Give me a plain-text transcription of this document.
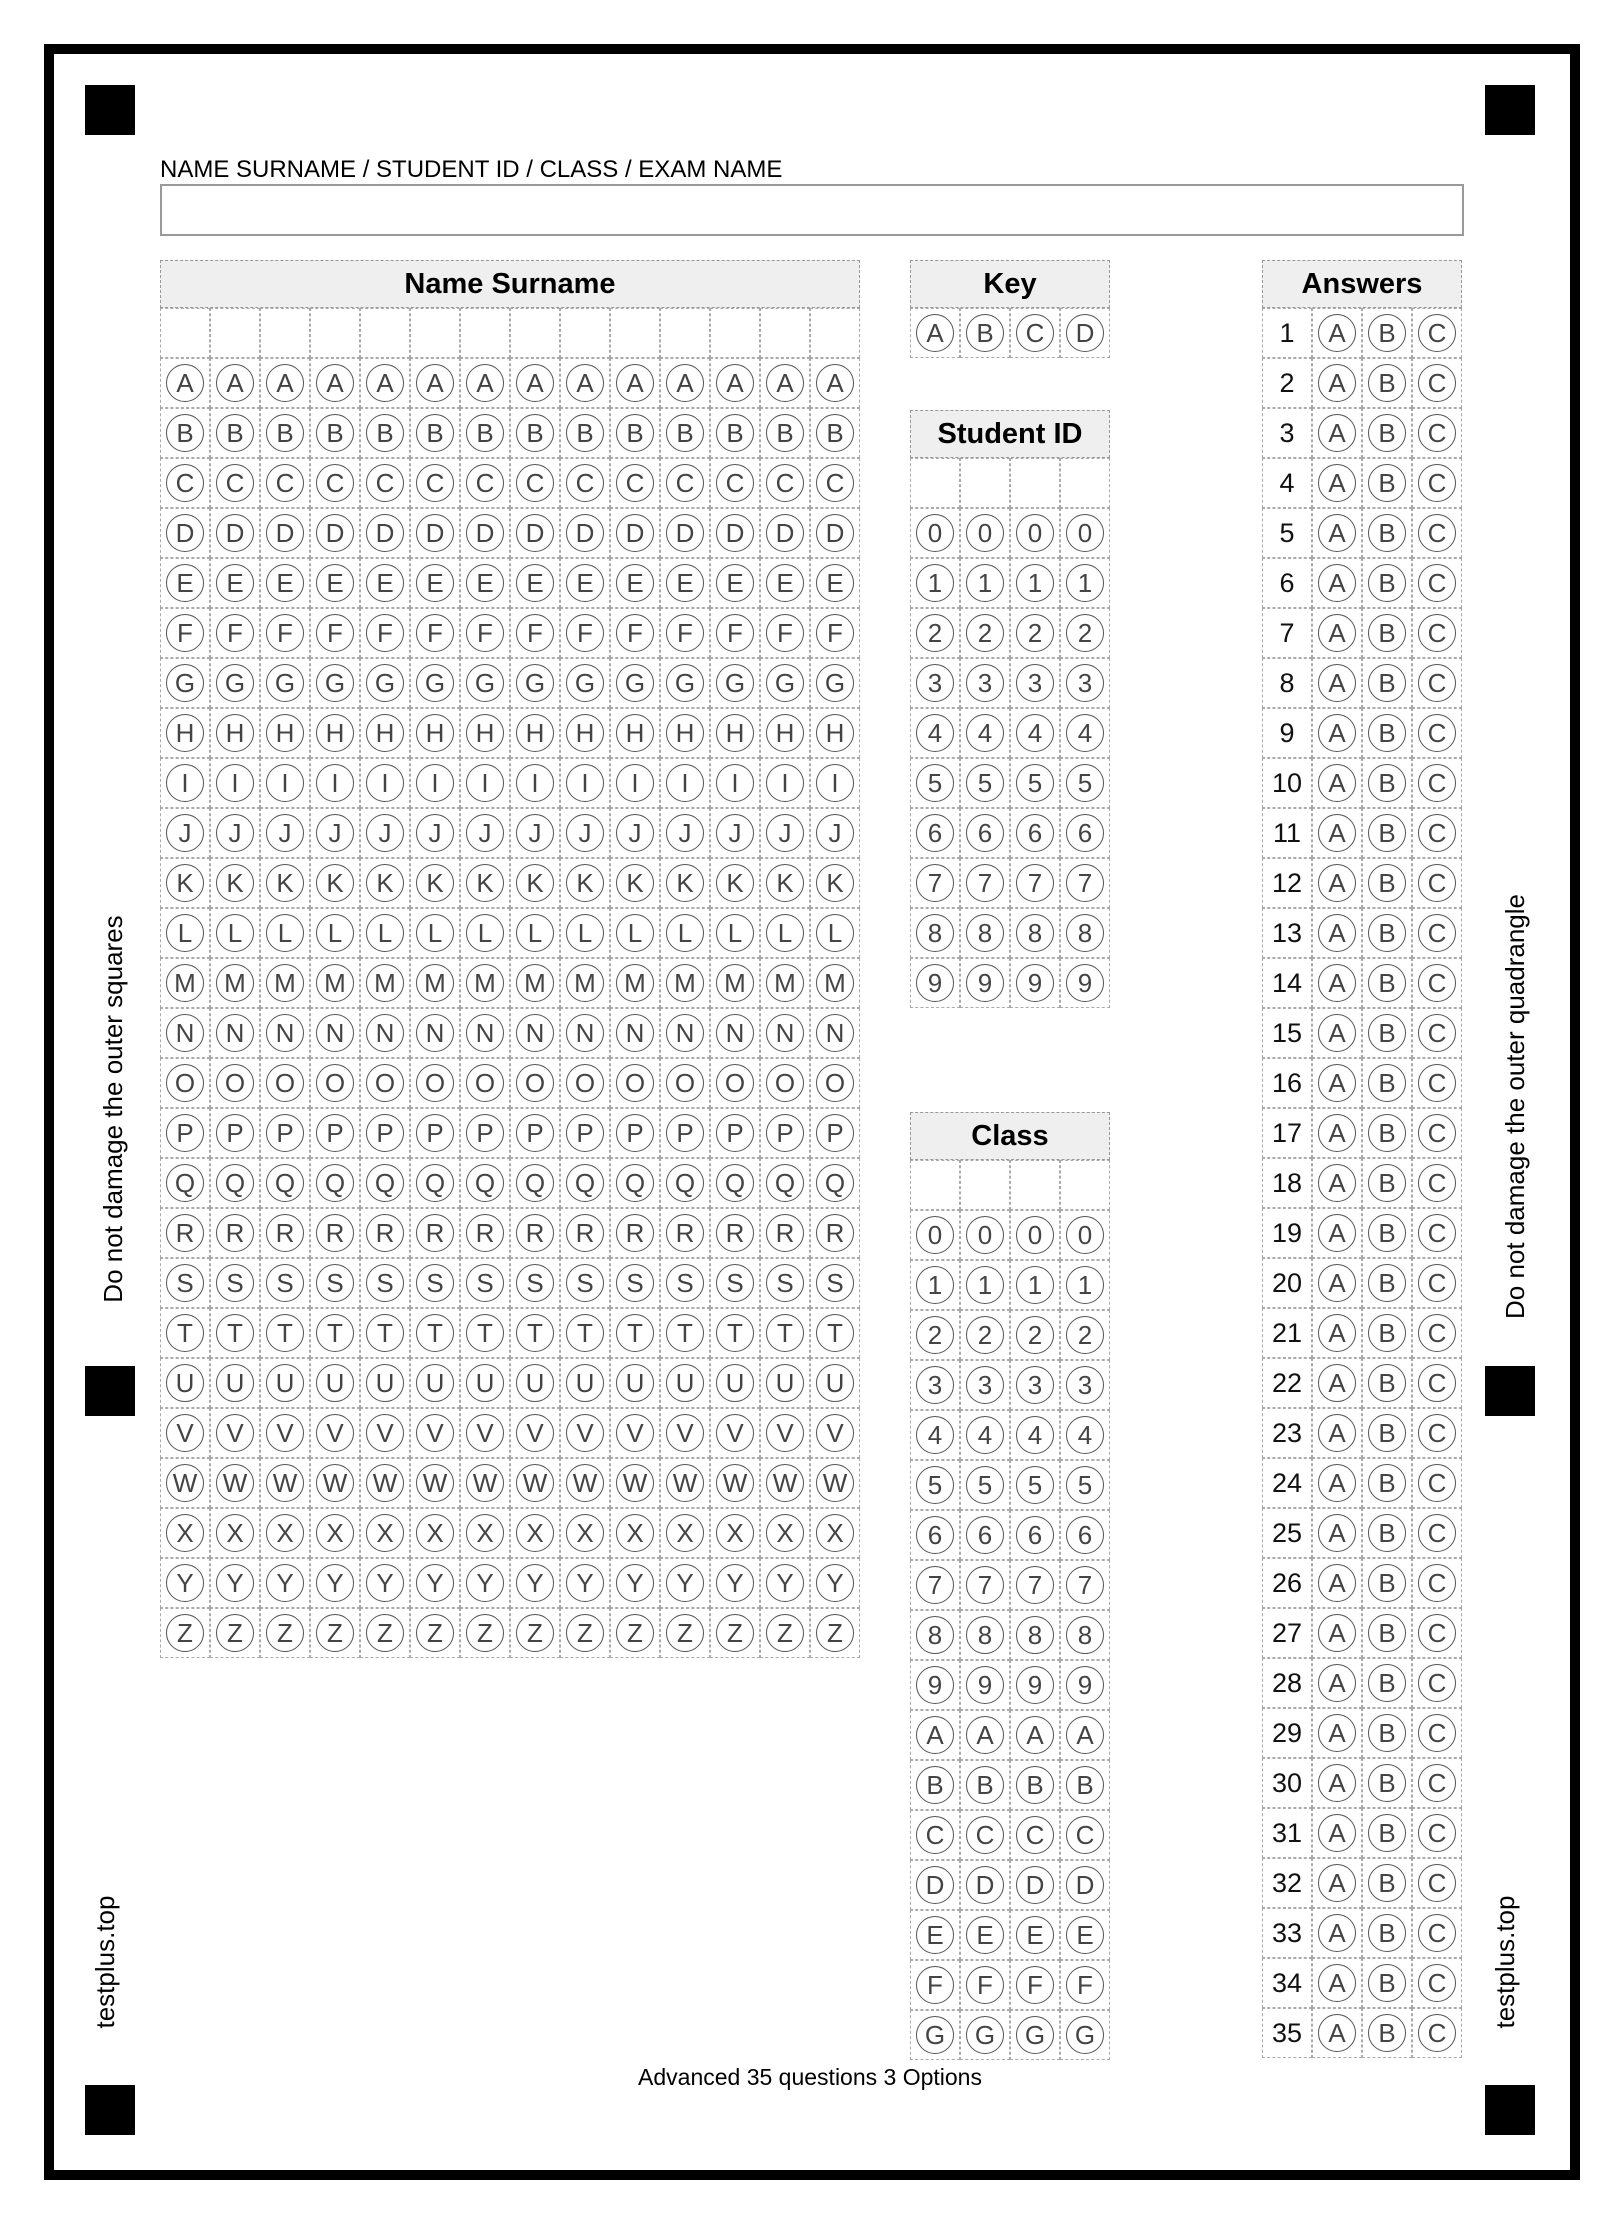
Do not damage the outer squares	Do not damage the outer quadrangle
testplus.top	testplus.top
NAME SURNAME / STUDENT ID / CLASS / EXAM NAME
Name Surname
A	A	A	A	A	A	A	A	A	A	A	A	A	A
B	B	B	B	B	B	B	B	B	B	B	B	B	B
C	C	C	C	C	C	C	C	C	C	C	C	C	C
D	D	D	D	D	D	D	D	D	D	D	D	D	D
E	E	E	E	E	E	E	E	E	E	E	E	E	E
F	F	F	F	F	F	F	F	F	F	F	F	F	F
G	G	G	G	G	G	G	G	G	G	G	G	G	G
H	H	H	H	H	H	H	H	H	H	H	H	H	H
I	I	I	I	I	I	I	I	I	I	I	I	I	I
J	J	J	J	J	J	J	J	J	J	J	J	J	J
K	K	K	K	K	K	K	K	K	K	K	K	K	K
L	L	L	L	L	L	L	L	L	L	L	L	L	L
M	M	M	M	M	M	M	M	M	M	M	M	M	M
N	N	N	N	N	N	N	N	N	N	N	N	N	N
O	O	O	O	O	O	O	O	O	O	O	O	O	O
P	P	P	P	P	P	P	P	P	P	P	P	P	P
Q	Q	Q	Q	Q	Q	Q	Q	Q	Q	Q	Q	Q	Q
R	R	R	R	R	R	R	R	R	R	R	R	R	R
S	S	S	S	S	S	S	S	S	S	S	S	S	S
T	T	T	T	T	T	T	T	T	T	T	T	T	T
U	U	U	U	U	U	U	U	U	U	U	U	U	U
V	V	V	V	V	V	V	V	V	V	V	V	V	V
W W W W W W W W W W W W W W
X	X	X	X	X	X	X	X	X	X	X	X	X	X
Y	Y	Y	Y	Y	Y	Y	Y	Y	Y	Y	Y	Y	Y
Z	Z	Z	Z	Z	Z	Z	Z	Z	Z	Z	Z	Z	Z
Key
A	B	C	D
Student ID
0	0	0	0
1	1	1	1
2	2	2	2
3	3	3	3
4	4	4	4
5	5	5	5
6	6	6	6
7	7	7	7
8	8	8	8
9	9	9	9
Class
0	0	0	0
1	1	1	1
2	2	2	2
3	3	3	3
4	4	4	4
5	5	5	5
6	6	6	6
7	7	7	7
8	8	8	8
9	9	9	9
A	A	A	A
B	B	B	B
C	C	C	C
D	D	D	D
E	E	E	E
F	F	F	F
G	G	G	G
Answers
1	A	B	C
2	A	B	C
3	A	B	C
4	A	B	C
5	A	B	C
6	A	B	C
7	A	B	C
8	A	B	C
9	A	B	C
10	A	B	C
11	A	B	C
12	A	B	C
13	A	B	C
14	A	B	C
15	A	B	C
16	A	B	C
17	A	B	C
18	A	B	C
19	A	B	C
20	A	B	C
21	A	B	C
22	A	B	C
23	A	B	C
24	A	B	C
25	A	B	C
26	A	B	C
27	A	B	C
28	A	B	C
29	A	B	C
30	A	B	C
31	A	B	C
32	A	B	C
33	A	B	C
34	A	B	C
35	A	B	C
Advanced 35 questions 3 Options
